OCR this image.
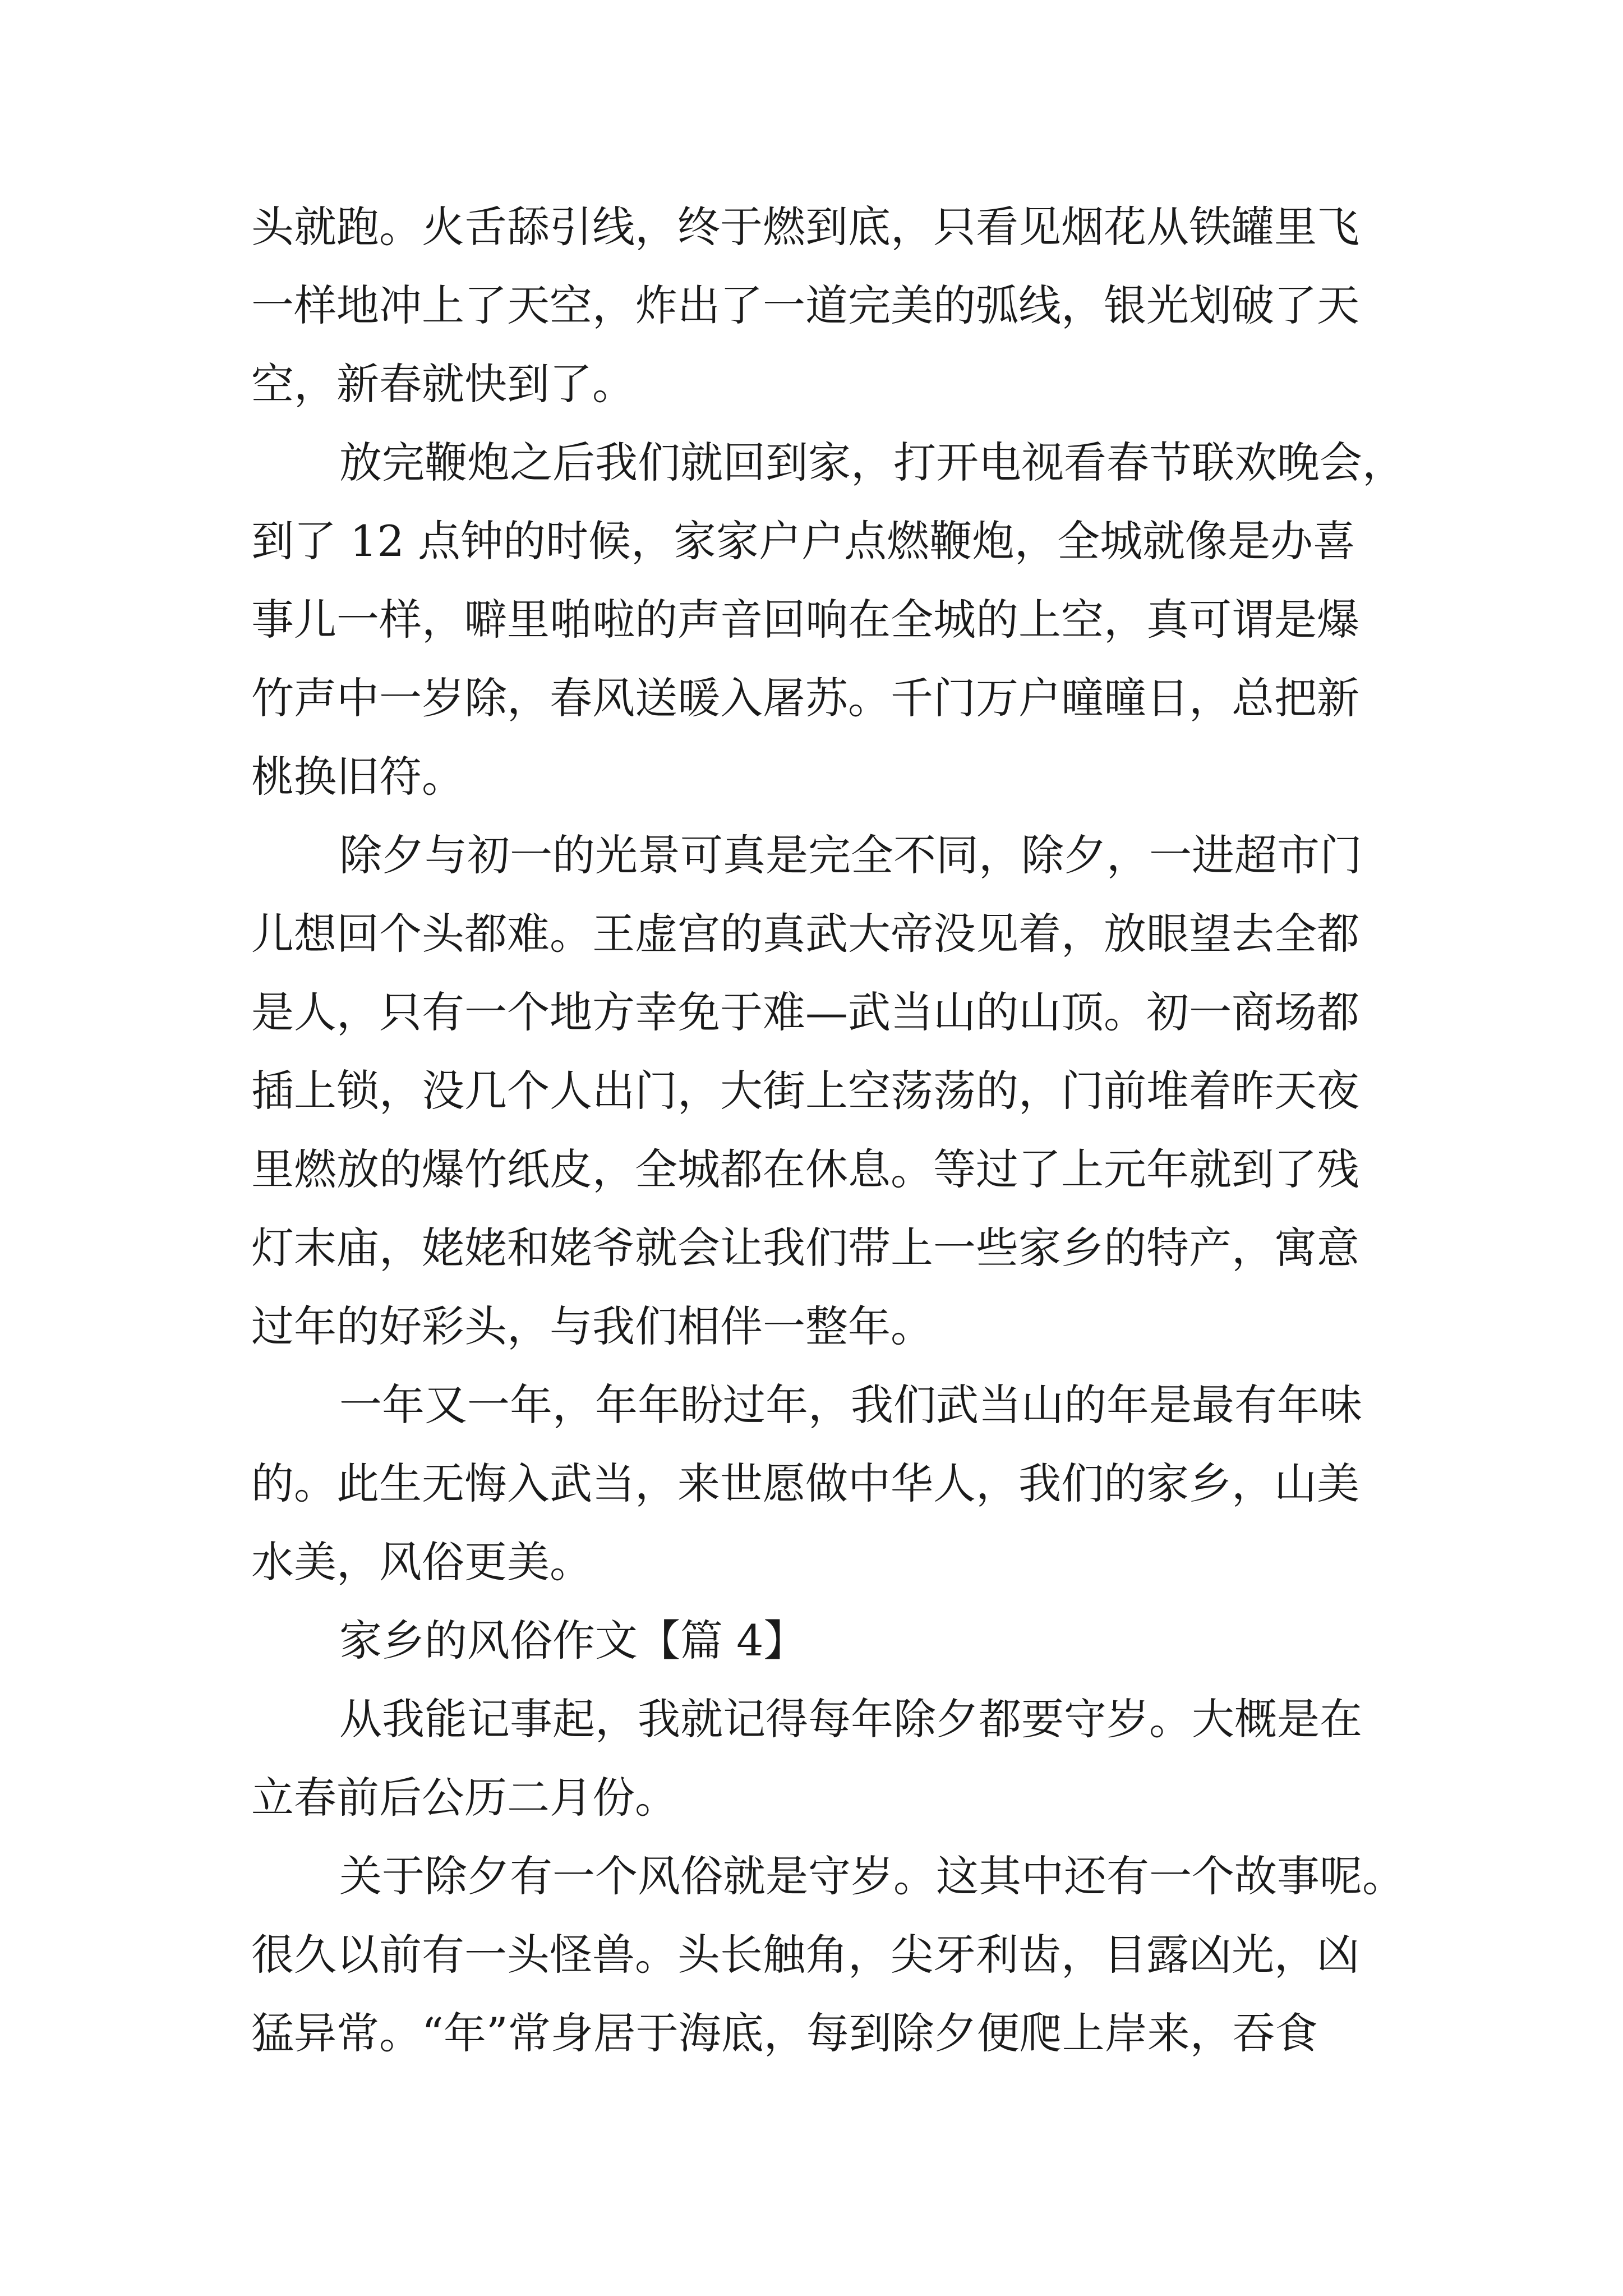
头就跑。火舌舔引线，终于燃到底，只看见烟花从铁罐里飞
一样地冲上了天空，炸出了一道完美的弧线，银光划破了天
空，新春就快到了。
放完鞭炮之后我们就回到家，打开电视看春节联欢晚会，
到了 12 点钟的时候，家家户户点燃鞭炮，全城就像是办喜
事儿一样，噼里啪啦的声音回响在全城的上空，真可谓是爆
竹声中一岁除，春风送暖入屠苏。千门万户曈曈日，总把新
桃换旧符。
除夕与初一的光景可真是完全不同，除夕，一进超市门
儿想回个头都难。王虚宫的真武大帝没见着，放眼望去全都
是人，只有一个地方幸免于难—武当山的山顶。初一商场都
插上锁，没几个人出门，大街上空荡荡的，门前堆着昨天夜
里燃放的爆竹纸皮，全城都在休息。等过了上元年就到了残
灯末庙，姥姥和姥爷就会让我们带上一些家乡的特产，寓意
过年的好彩头，与我们相伴一整年。
一年又一年，年年盼过年，我们武当山的年是最有年味
的。此生无悔入武当，来世愿做中华人，我们的家乡，山美
水美，风俗更美。
家乡的风俗作文【篇 4】
从我能记事起，我就记得每年除夕都要守岁。大概是在
立春前后公历二月份。
关于除夕有一个风俗就是守岁。这其中还有一个故事呢。
很久以前有一头怪兽。头长触角，尖牙利齿，目露凶光，凶
猛异常。“年”常身居于海底，每到除夕便爬上岸来，吞食
